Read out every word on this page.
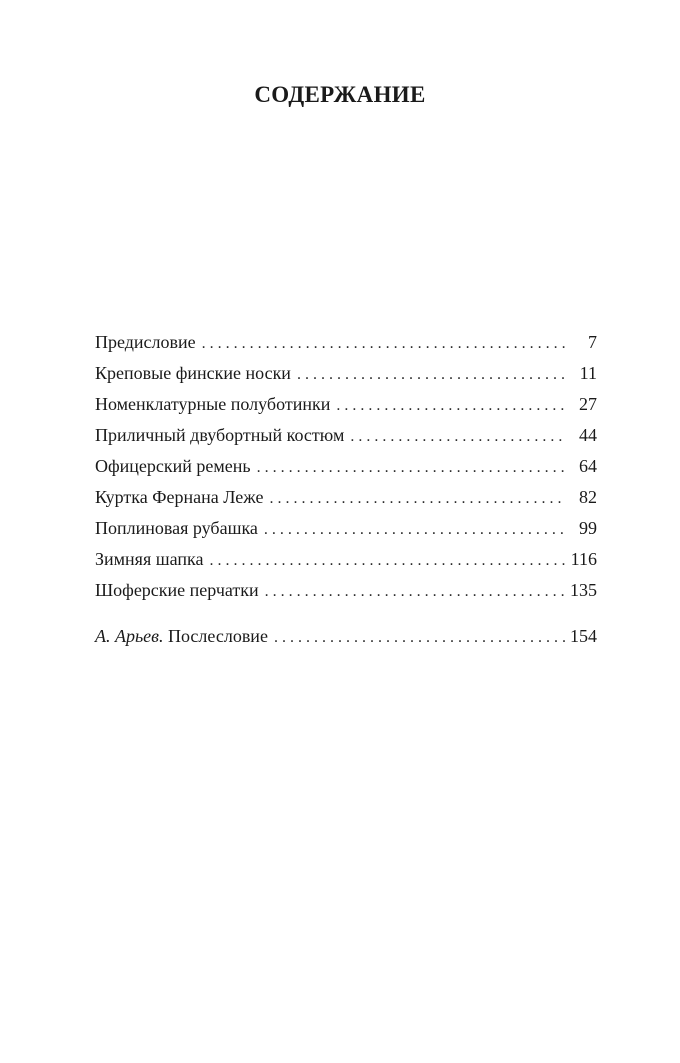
СОДЕРЖАНИЕ
Предисловие . . .	7
Креповые финские носки . . .	11
Номенклатурные полуботинки . . .	27
Приличный двубортный костюм . . .	44
Офицерский ремень . . .	64
Куртка Фернана Леже . . .	82
Поплиновая рубашка . . .	99
Зимняя шапка . . .	116
Шоферские перчатки . . .	135
А. Арьев. Послесловие . . .	154
